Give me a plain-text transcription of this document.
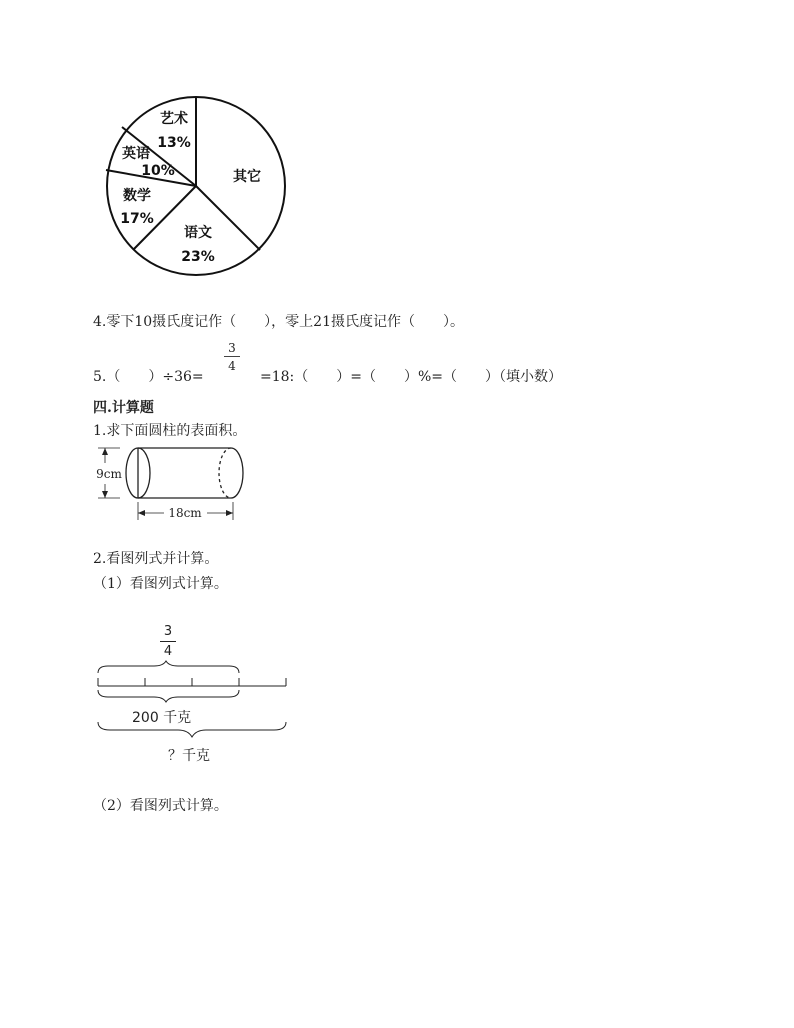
艺术
13%
英语
10%
数学
17%
语文
23%
其它
4.零下10摄氏度记作（　　），零上21摄氏度记作（　　）。
3
4
5.（　　）÷36=	=18:（　　）=（　　）%=（　　）（填小数）
四.计算题
1.求下面圆柱的表面积。
9cm
18cm
2.看图列式并计算。
（1）看图列式计算。
3
4
200 千克
？千克
（2）看图列式计算。
